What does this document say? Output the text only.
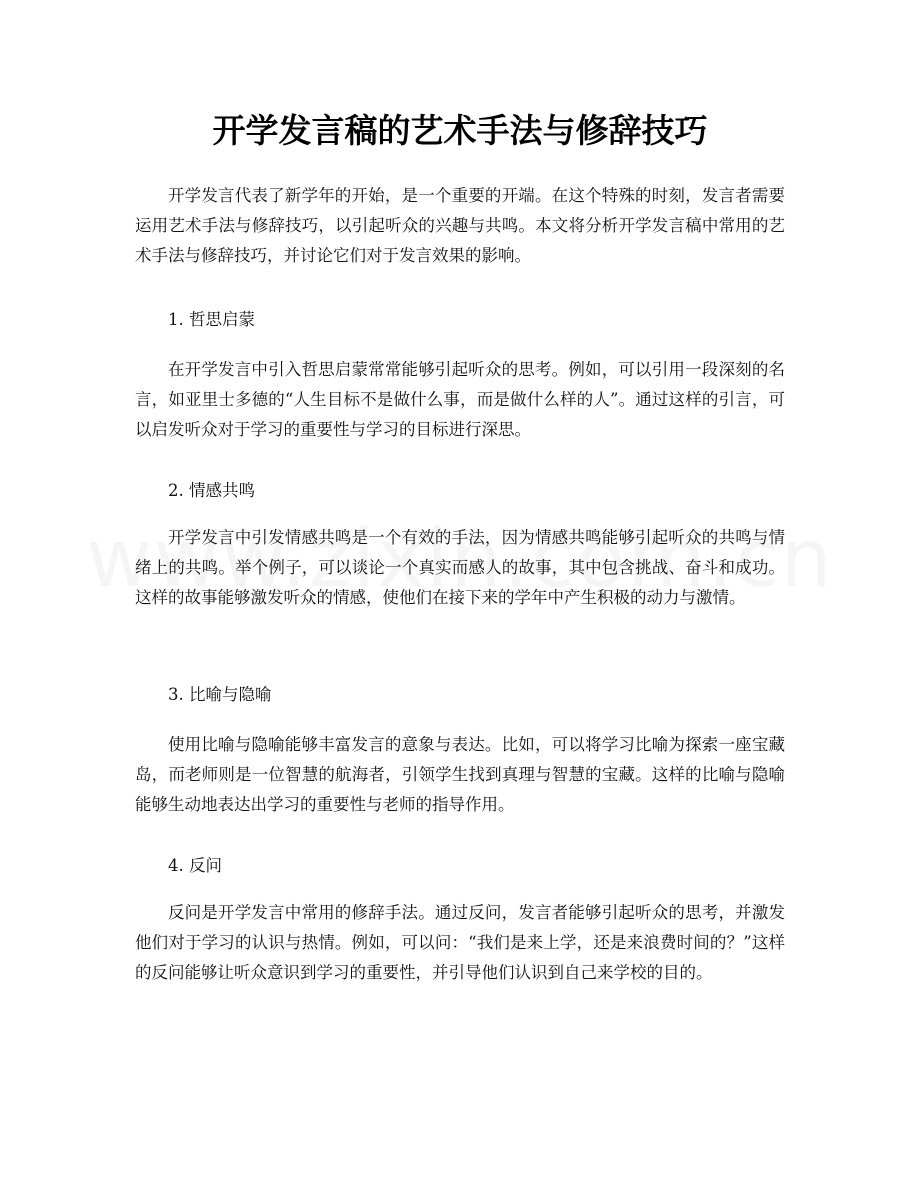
开学发言稿的艺术手法与修辞技巧

开学发言代表了新学年的开始，是一个重要的开端。在这个特殊的时刻，发言者需要运用艺术手法与修辞技巧，以引起听众的兴趣与共鸣。本文将分析开学发言稿中常用的艺术手法与修辞技巧，并讨论它们对于发言效果的影响。

1. 哲思启蒙

在开学发言中引入哲思启蒙常常能够引起听众的思考。例如，可以引用一段深刻的名言，如亚里士多德的“人生目标不是做什么事，而是做什么样的人”。通过这样的引言，可以启发听众对于学习的重要性与学习的目标进行深思。

2. 情感共鸣

开学发言中引发情感共鸣是一个有效的手法，因为情感共鸣能够引起听众的共鸣与情绪上的共鸣。举个例子，可以谈论一个真实而感人的故事，其中包含挑战、奋斗和成功。这样的故事能够激发听众的情感，使他们在接下来的学年中产生积极的动力与激情。

3. 比喻与隐喻

使用比喻与隐喻能够丰富发言的意象与表达。比如，可以将学习比喻为探索一座宝藏岛，而老师则是一位智慧的航海者，引领学生找到真理与智慧的宝藏。这样的比喻与隐喻能够生动地表达出学习的重要性与老师的指导作用。

4. 反问

反问是开学发言中常用的修辞手法。通过反问，发言者能够引起听众的思考，并激发他们对于学习的认识与热情。例如，可以问：“我们是来上学，还是来浪费时间的？”这样的反问能够让听众意识到学习的重要性，并引导他们认识到自己来学校的目的。
